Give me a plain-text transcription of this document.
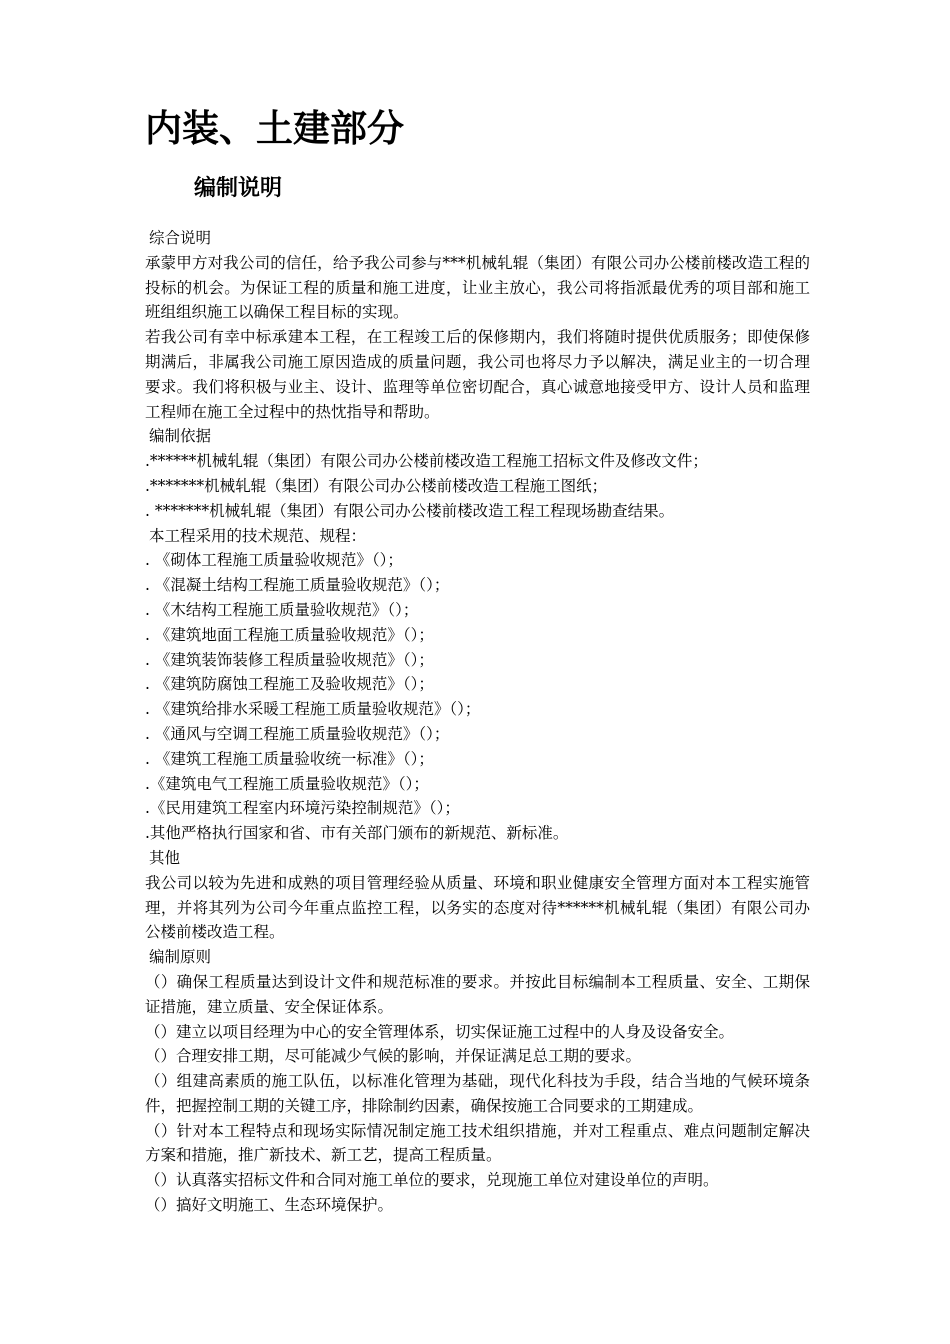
内装、土建部分
编制说明

综合说明

承蒙甲方对我公司的信任，给予我公司参与***机械轧辊（集团）有限公司办公楼前楼改造工程的投标的机会。为保证工程的质量和施工进度，让业主放心，我公司将指派最优秀的项目部和施工班组组织施工以确保工程目标的实现。

若我公司有幸中标承建本工程，在工程竣工后的保修期内，我们将随时提供优质服务；即使保修期满后，非属我公司施工原因造成的质量问题，我公司也将尽力予以解决，满足业主的一切合理要求。我们将积极与业主、设计、监理等单位密切配合，真心诚意地接受甲方、设计人员和监理工程师在施工全过程中的热忱指导和帮助。

编制依据

.******机械轧辊（集团）有限公司办公楼前楼改造工程施工招标文件及修改文件；

.*******机械轧辊（集团）有限公司办公楼前楼改造工程施工图纸；

. *******机械轧辊（集团）有限公司办公楼前楼改造工程工程现场勘查结果。

本工程采用的技术规范、规程：

. 《砌体工程施工质量验收规范》（）；

. 《混凝土结构工程施工质量验收规范》（）；

. 《木结构工程施工质量验收规范》（）；

. 《建筑地面工程施工质量验收规范》（）；

. 《建筑装饰装修工程质量验收规范》（）；

. 《建筑防腐蚀工程施工及验收规范》（）；

. 《建筑给排水采暖工程施工质量验收规范》（）；

. 《通风与空调工程施工质量验收规范》（）；

. 《建筑工程施工质量验收统一标准》（）；

.《建筑电气工程施工质量验收规范》（）；

.《民用建筑工程室内环境污染控制规范》（）；

.其他严格执行国家和省、市有关部门颁布的新规范、新标准。

其他

我公司以较为先进和成熟的项目管理经验从质量、环境和职业健康安全管理方面对本工程实施管理，并将其列为公司今年重点监控工程，以务实的态度对待******机械轧辊（集团）有限公司办公楼前楼改造工程。

编制原则

（）确保工程质量达到设计文件和规范标准的要求。并按此目标编制本工程质量、安全、工期保证措施，建立质量、安全保证体系。

（）建立以项目经理为中心的安全管理体系，切实保证施工过程中的人身及设备安全。

（）合理安排工期，尽可能减少气候的影响，并保证满足总工期的要求。

（）组建高素质的施工队伍，以标准化管理为基础，现代化科技为手段，结合当地的气候环境条件，把握控制工期的关键工序，排除制约因素，确保按施工合同要求的工期建成。

（）针对本工程特点和现场实际情况制定施工技术组织措施，并对工程重点、难点问题制定解决方案和措施，推广新技术、新工艺，提高工程质量。

（）认真落实招标文件和合同对施工单位的要求，兑现施工单位对建设单位的声明。

（）搞好文明施工、生态环境保护。
